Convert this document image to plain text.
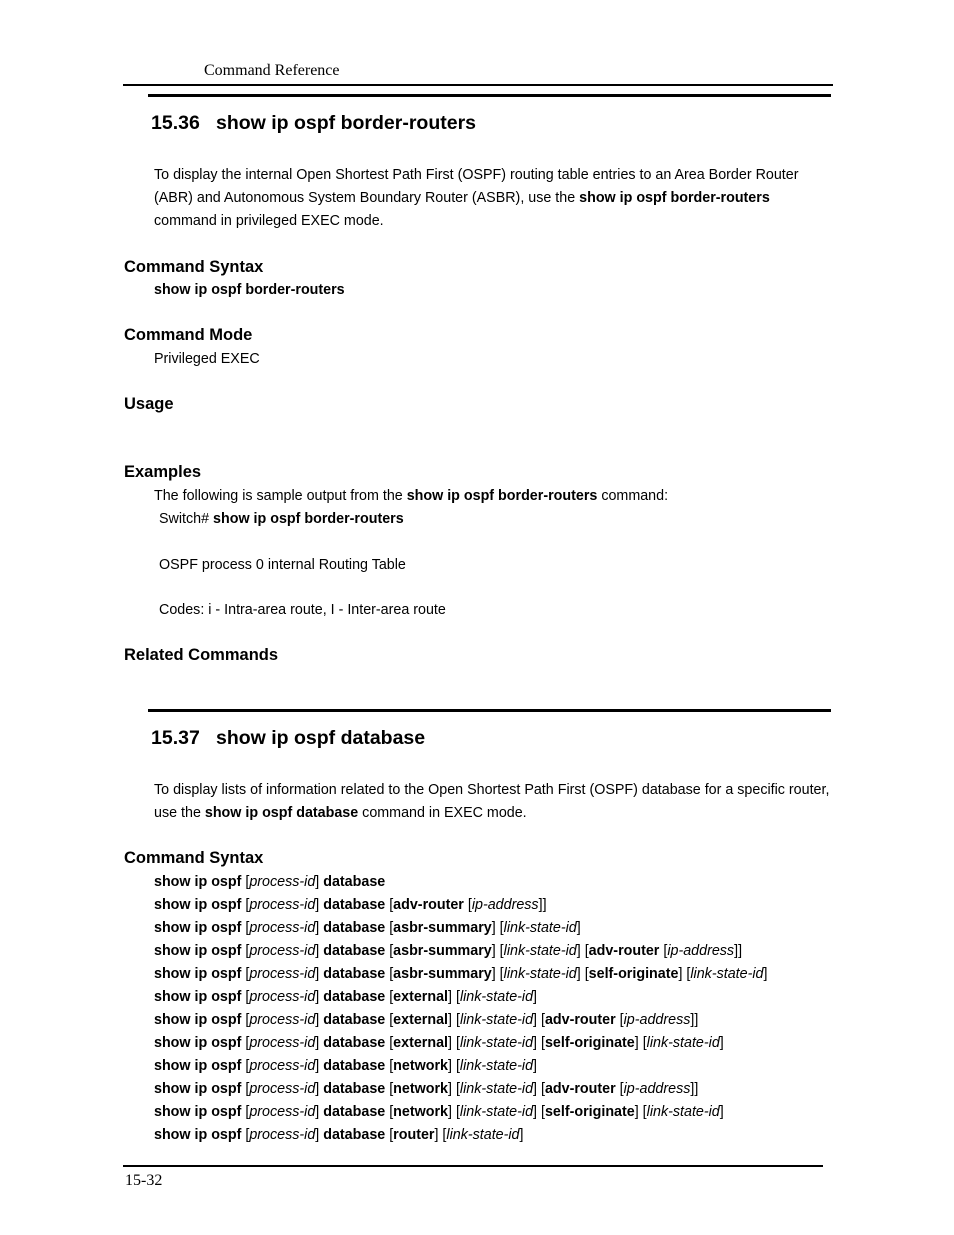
Command Reference
15.36 show ip ospf border-routers
To display the internal Open Shortest Path First (OSPF) routing table entries to an Area Border Router (ABR) and Autonomous System Boundary Router (ASBR), use the show ip ospf border-routers command in privileged EXEC mode.
Command Syntax
show ip ospf border-routers
Command Mode
Privileged EXEC
Usage
Examples
The following is sample output from the show ip ospf border-routers command:
Switch# show ip ospf border-routers
OSPF process 0 internal Routing Table
Codes: i - Intra-area route, I - Inter-area route
Related Commands
15.37 show ip ospf database
To display lists of information related to the Open Shortest Path First (OSPF) database for a specific router, use the show ip ospf database command in EXEC mode.
Command Syntax
show ip ospf [process-id] database
show ip ospf [process-id] database [adv-router [ip-address]]
show ip ospf [process-id] database [asbr-summary] [link-state-id]
show ip ospf [process-id] database [asbr-summary] [link-state-id] [adv-router [ip-address]]
show ip ospf [process-id] database [asbr-summary] [link-state-id] [self-originate] [link-state-id]
show ip ospf [process-id] database [external] [link-state-id]
show ip ospf [process-id] database [external] [link-state-id] [adv-router [ip-address]]
show ip ospf [process-id] database [external] [link-state-id] [self-originate] [link-state-id]
show ip ospf [process-id] database [network] [link-state-id]
show ip ospf [process-id] database [network] [link-state-id] [adv-router [ip-address]]
show ip ospf [process-id] database [network] [link-state-id] [self-originate] [link-state-id]
show ip ospf [process-id] database [router] [link-state-id]
15-32
